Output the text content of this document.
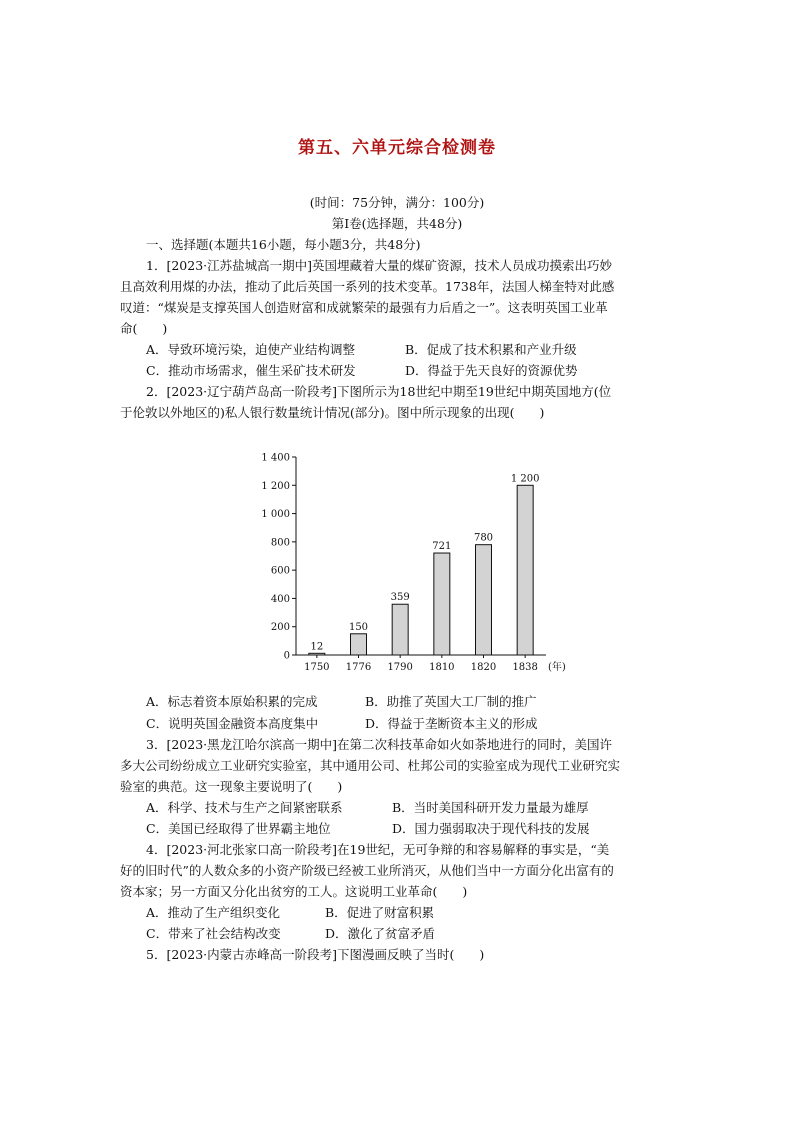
第五、六单元综合检测卷
(时间：75分钟，满分：100分)
第Ⅰ卷(选择题，共48分)
一、选择题(本题共16小题，每小题3分，共48分)
1．[2023·江苏盐城高一期中]英国埋藏着大量的煤矿资源，技术人员成功摸索出巧妙
且高效利用煤的办法，推动了此后英国一系列的技术变革。1738年，法国人梯奎特对此感
叹道：“煤炭是支撑英国人创造财富和成就繁荣的最强有力后盾之一”。这表明英国工业革
命(　　)
A．导致环境污染，迫使产业结构调整	B．促成了技术积累和产业升级
C．推动市场需求，催生采矿技术研发	D．得益于先天良好的资源优势
2．[2023·辽宁葫芦岛高一阶段考]下图所示为18世纪中期至19世纪中期英国地方(位
于伦敦以外地区的)私人银行数量统计情况(部分)。图中所示现象的出现(　　)
0
200
400
600
800
1 000
1 200
1 400
12
1750
150
1776
359
1790
721
1810
780
1820
1 200
1838 (年)
A．标志着资本原始积累的完成	B．助推了英国大工厂制的推广
C．说明英国金融资本高度集中	D．得益于垄断资本主义的形成
3．[2023·黑龙江哈尔滨高一期中]在第二次科技革命如火如荼地进行的同时，美国许
多大公司纷纷成立工业研究实验室，其中通用公司、杜邦公司的实验室成为现代工业研究实
验室的典范。这一现象主要说明了(　　)
A．科学、技术与生产之间紧密联系	B．当时美国科研开发力量最为雄厚
C．美国已经取得了世界霸主地位	D．国力强弱取决于现代科技的发展
4．[2023·河北张家口高一阶段考]在19世纪，无可争辩的和容易解释的事实是，“美
好的旧时代”的人数众多的小资产阶级已经被工业所消灭，从他们当中一方面分化出富有的
资本家；另一方面又分化出贫穷的工人。这说明工业革命(　　)
A．推动了生产组织变化	B．促进了财富积累
C．带来了社会结构改变	D．激化了贫富矛盾
5．[2023·内蒙古赤峰高一阶段考]下图漫画反映了当时(　　)
